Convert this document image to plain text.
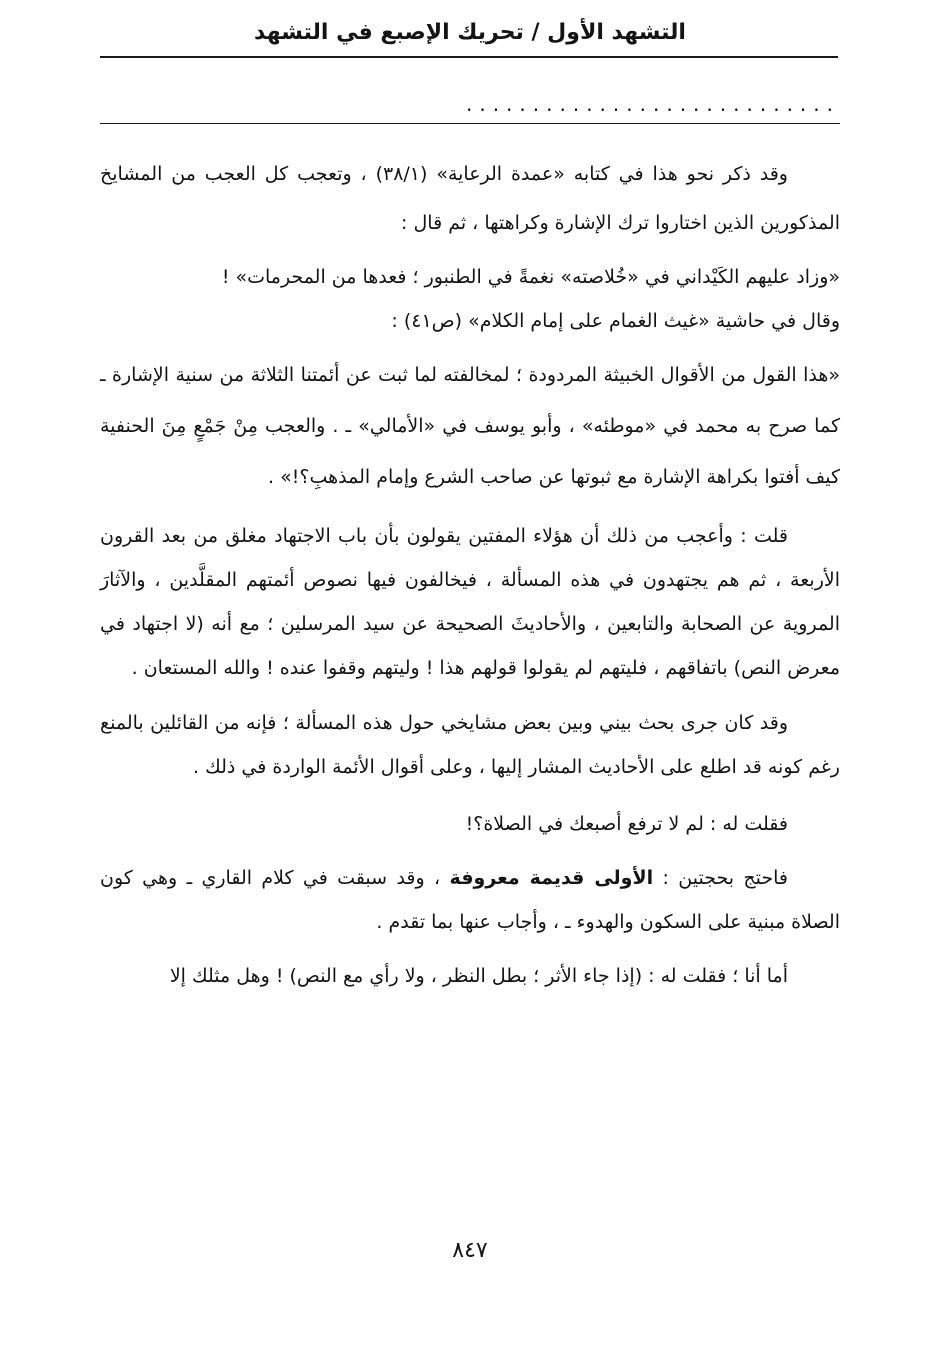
التشهد الأول / تحريك الإصبع في التشهد
............................

وقد ذكر نحو هذا في كتابه «عمدة الرعاية» (٣٨/١) ، وتعجب كل العجب من المشايخ المذكورين الذين اختاروا ترك الإشارة وكراهتها ، ثم قال :

«وزاد عليهم الكَيْداني في «خُلاصته» نغمةً في الطنبور ؛ فعدها من المحرمات» !

وقال في حاشية «غيث الغمام على إمام الكلام» (ص٤١) :

«هذا القول من الأقوال الخبيثة المردودة ؛ لمخالفته لما ثبت عن أئمتنا الثلاثة من سنية الإشارة ـ كما صرح به محمد في «موطئه» ، وأبو يوسف في «الأمالي» ـ . والعجب مِنْ جَمْعٍ مِنَ الحنفية كيف أفتوا بكراهة الإشارة مع ثبوتها عن صاحب الشرع وإمام المذهبِ؟!» .

قلت : وأعجب من ذلك أن هؤلاء المفتين يقولون بأن باب الاجتهاد مغلق من بعد القرون الأربعة ، ثم هم يجتهدون في هذه المسألة ، فيخالفون فيها نصوص أئمتهم المقلَّدين ، والآثارَ المروية عن الصحابة والتابعين ، والأحاديثَ الصحيحة عن سيد المرسلين ؛ مع أنه (لا اجتهاد في معرض النص) باتفاقهم ، فليتهم لم يقولوا قولهم هذا ! وليتهم وقفوا عنده ! والله المستعان .

وقد كان جرى بحث بيني وبين بعض مشايخي حول هذه المسألة ؛ فإنه من القائلين بالمنع رغم كونه قد اطلع على الأحاديث المشار إليها ، وعلى أقوال الأئمة الواردة في ذلك .

فقلت له : لم لا ترفع أصبعك في الصلاة؟!

فاحتج بحجتين : الأولى قديمة معروفة ، وقد سبقت في كلام القاري ـ وهي كون الصلاة مبنية على السكون والهدوء ـ ، وأجاب عنها بما تقدم .

أما أنا ؛ فقلت له : (إذا جاء الأثر ؛ بطل النظر ، ولا رأي مع النص) ! وهل مثلك إلا

٨٤٧
